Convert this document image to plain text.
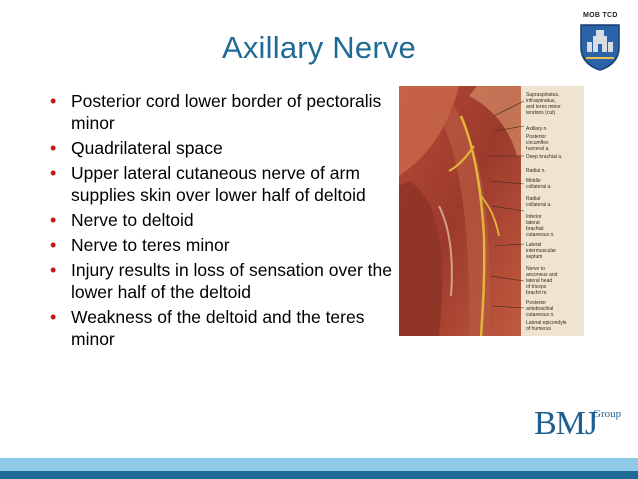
Axillary Nerve
MOB TCD
• Posterior cord lower border of pectoralis minor
• Quadrilateral space
• Upper lateral cutaneous nerve of arm supplies skin over lower half of deltoid
• Nerve to deltoid
• Nerve to teres minor
• Injury results in loss of sensation over the lower half of the deltoid
• Weakness of the deltoid and the teres minor
Supraspinatus,
infraspinatus,
and teres minor
tendons (cut)
Axillary n.
Posterior
circumflex
humeral a.
Deep brachial a.
Radial n.
Middle
collateral a.
Radial
collateral a.
Inferior
lateral
brachial
cutaneous n.
Lateral
intermuscular
septum
Nerve to
anconeus and
lateral head
of triceps
brachii m.
Posterior
antebrachial
cutaneous n.
Lateral epicondyle
of humerus
BMJ
Group
